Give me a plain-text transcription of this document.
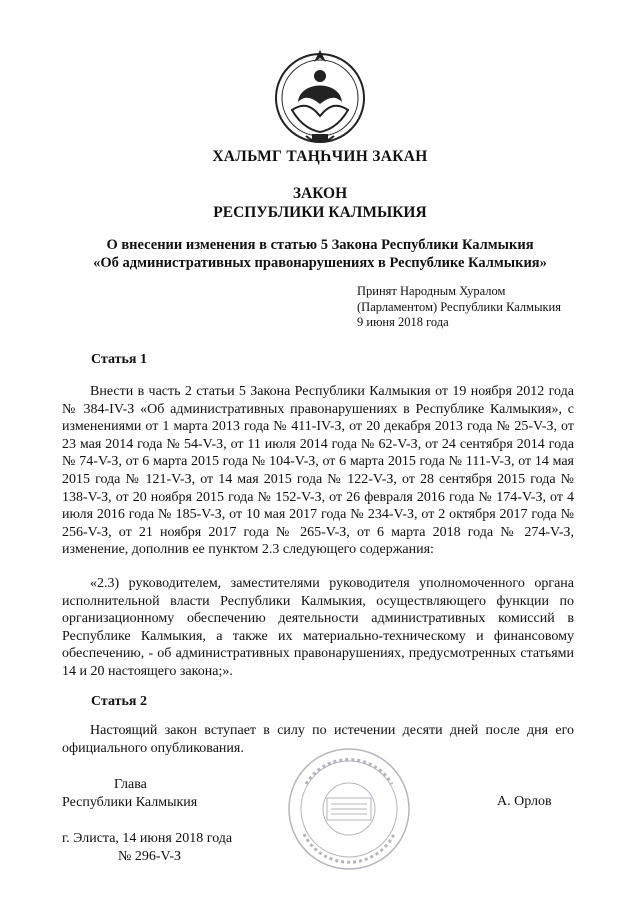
ХАЛЬМГ ТАҢҺЧИН ЗАКАН
ЗАКОН
РЕСПУБЛИКИ КАЛМЫКИЯ
О внесении изменения в статью 5 Закона Республики Калмыкия
«Об административных правонарушениях в Республике Калмыкия»
Принят Народным Хуралом
(Парламентом) Республики Калмыкия
9 июня 2018 года
Статья 1
Внести в часть 2 статьи 5 Закона Республики Калмыкия от 19 ноября 2012 года № 384-IV-З «Об административных правонарушениях в Республике Калмыкия», с изменениями от 1 марта 2013 года № 411-IV-З, от 20 декабря 2013 года № 25-V-З, от 23 мая 2014 года № 54-V-З, от 11 июля 2014 года № 62-V-З, от 24 сентября 2014 года № 74-V-З, от 6 марта 2015 года № 104-V-З, от 6 марта 2015 года № 111-V-З, от 14 мая 2015 года № 121-V-З, от 14 мая 2015 года № 122-V-З, от 28 сентября 2015 года № 138-V-З, от 20 ноября 2015 года № 152-V-З, от 26 февраля 2016 года № 174-V-З, от 4 июля 2016 года № 185-V-З, от 10 мая 2017 года № 234-V-З, от 2 октября 2017 года № 256-V-З, от 21 ноября 2017 года № 265-V-З, от 6 марта 2018 года № 274-V-З, изменение, дополнив ее пунктом 2.3 следующего содержания:
«2.3) руководителем, заместителями руководителя уполномоченного органа исполнительной власти Республики Калмыкия, осуществляющего функции по организационному обеспечению деятельности административных комиссий в Республике Калмыкия, а также их материально-техническому и финансовому обеспечению, - об административных правонарушениях, предусмотренных статьями 14 и 20 настоящего закона;».
Статья 2
Настоящий закон вступает в силу по истечении десяти дней после дня его официального опубликования.
Глава
Республики Калмыкия	А. Орлов
г. Элиста, 14 июня 2018 года
№ 296-V-З
